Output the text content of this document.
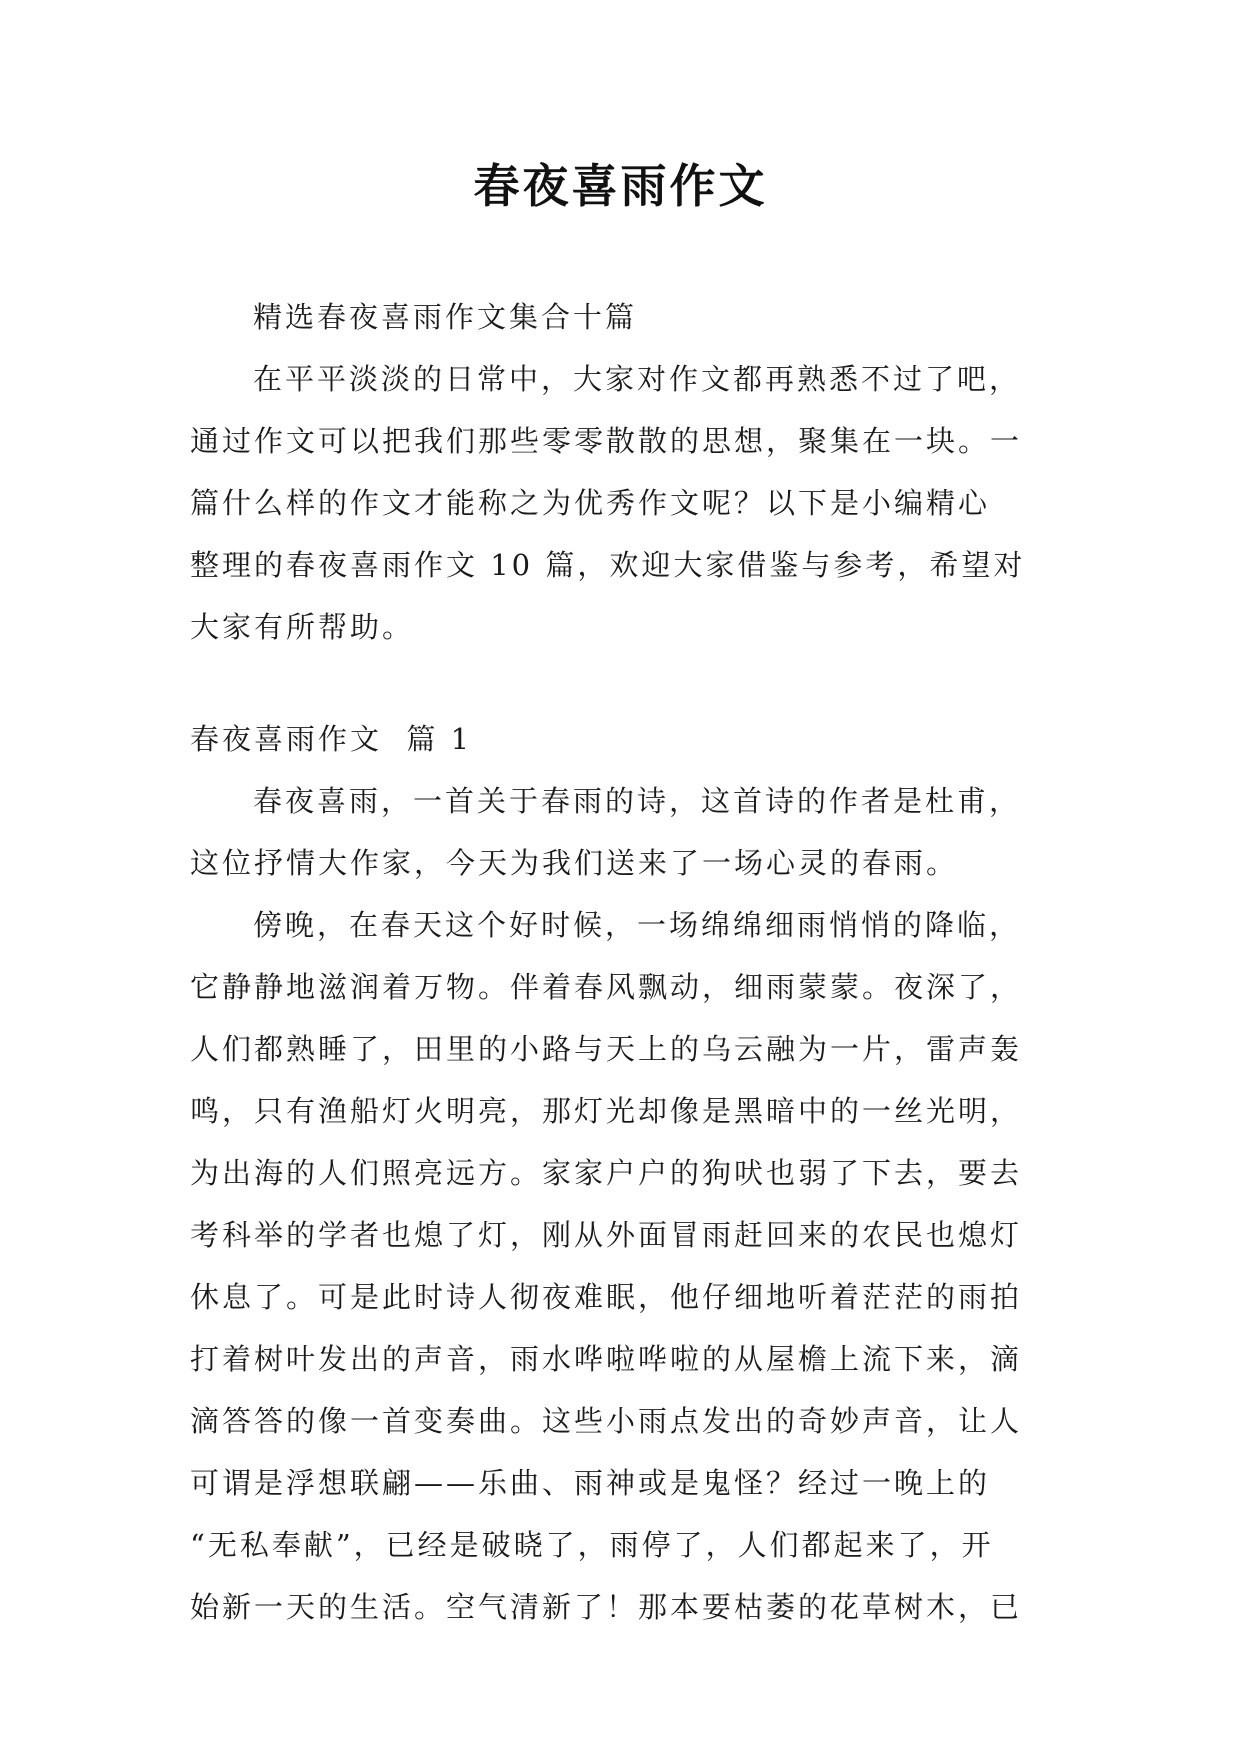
春夜喜雨作文
精选春夜喜雨作文集合十篇
在平平淡淡的日常中，大家对作文都再熟悉不过了吧，
通过作文可以把我们那些零零散散的思想，聚集在一块。一
篇什么样的作文才能称之为优秀作文呢？以下是小编精心
整理的春夜喜雨作文 10 篇，欢迎大家借鉴与参考，希望对
大家有所帮助。
春夜喜雨作文  篇 1
春夜喜雨，一首关于春雨的诗，这首诗的作者是杜甫，
这位抒情大作家，今天为我们送来了一场心灵的春雨。
傍晚，在春天这个好时候，一场绵绵细雨悄悄的降临，
它静静地滋润着万物。伴着春风飘动，细雨蒙蒙。夜深了，
人们都熟睡了，田里的小路与天上的乌云融为一片，雷声轰
鸣，只有渔船灯火明亮，那灯光却像是黑暗中的一丝光明，
为出海的人们照亮远方。家家户户的狗吠也弱了下去，要去
考科举的学者也熄了灯，刚从外面冒雨赶回来的农民也熄灯
休息了。可是此时诗人彻夜难眠，他仔细地听着茫茫的雨拍
打着树叶发出的声音，雨水哗啦哗啦的从屋檐上流下来，滴
滴答答的像一首变奏曲。这些小雨点发出的奇妙声音，让人
可谓是浮想联翩——乐曲、雨神或是鬼怪？经过一晚上的
“无私奉献”，已经是破晓了，雨停了，人们都起来了，开
始新一天的生活。空气清新了！那本要枯萎的花草树木，已
